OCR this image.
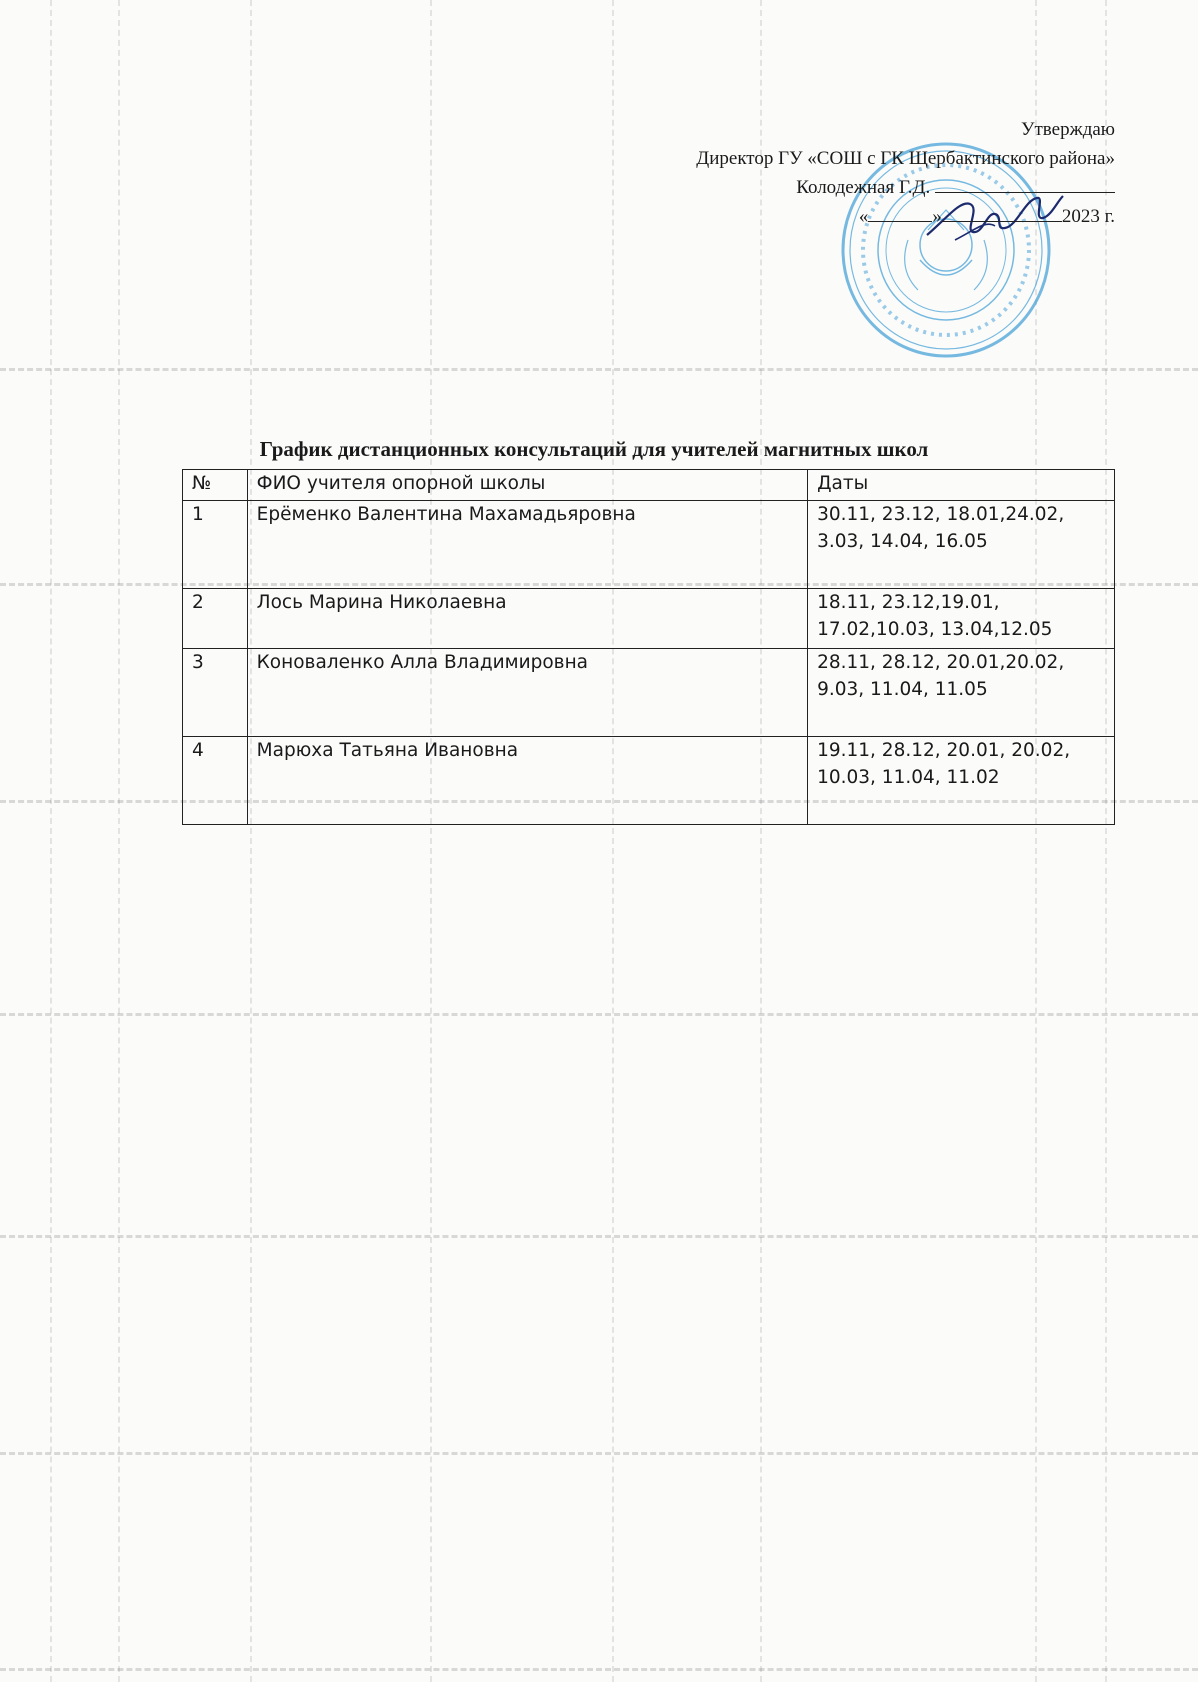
Утверждаю
Директор ГУ «СОШ с ГК Щербактинского района»
Колодежная Г.Д.
«	»	2023 г.
График дистанционных консультаций для учителей магнитных школ
№	ФИО учителя опорной школы	Даты
1	Ерёменко Валентина Махамадьяровна	30.11, 23.12, 18.01,24.02, 3.03, 14.04, 16.05
2	Лось Марина Николаевна	18.11, 23.12,19.01, 17.02,10.03, 13.04,12.05
3	Коноваленко Алла Владимировна	28.11, 28.12, 20.01,20.02, 9.03, 11.04, 11.05
4	Марюха Татьяна Ивановна	19.11, 28.12, 20.01, 20.02, 10.03, 11.04, 11.02
